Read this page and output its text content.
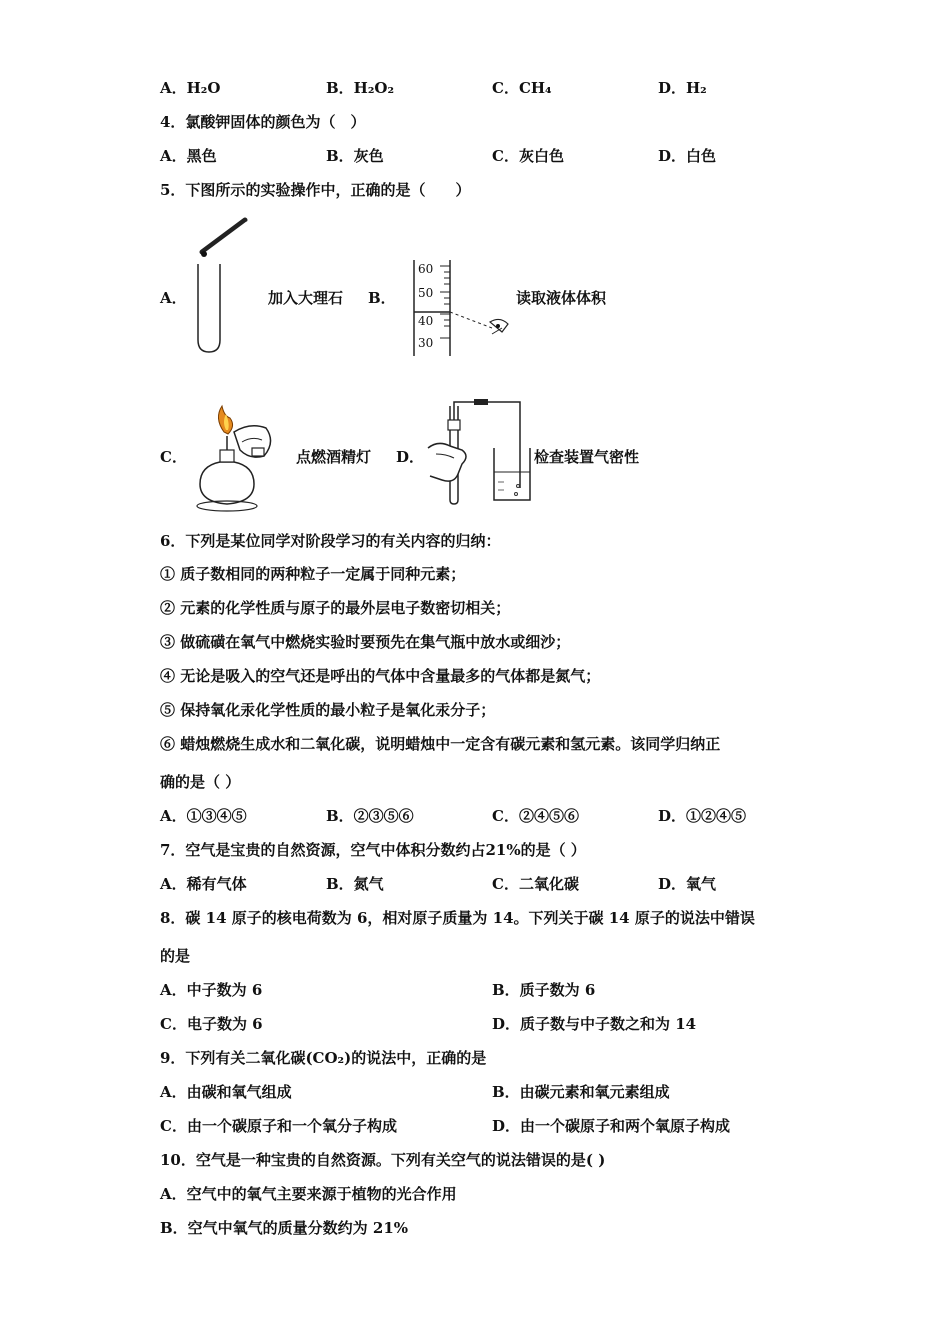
A．H₂O	B．H₂O₂	C．CH₄	D．H₂
4．氯酸钾固体的颜色为（　）
A．黑色	B．灰色	C．灰白色	D．白色
5．下图所示的实验操作中，正确的是（　　）
A．	加入大理石 B．
60
50
40
30
读取液体体积
C．	点燃酒精灯 D．	检查装置气密性
6．下列是某位同学对阶段学习的有关内容的归纳：
① 质子数相同的两种粒子一定属于同种元素；
② 元素的化学性质与原子的最外层电子数密切相关；
③ 做硫磺在氧气中燃烧实验时要预先在集气瓶中放水或细沙；
④ 无论是吸入的空气还是呼出的气体中含量最多的气体都是氮气；
⑤ 保持氧化汞化学性质的最小粒子是氧化汞分子；
⑥ 蜡烛燃烧生成水和二氧化碳，说明蜡烛中一定含有碳元素和氢元素。该同学归纳正
确的是（ ）
A．①③④⑤	B．②③⑤⑥	C．②④⑤⑥	D．①②④⑤
7．空气是宝贵的自然资源，空气中体积分数约占21%的是（ ）
A．稀有气体	B．氮气	C．二氧化碳	D．氧气
8．碳 14 原子的核电荷数为 6，相对原子质量为 14。下列关于碳 14 原子的说法中错误
的是
A．中子数为 6	B．质子数为 6
C．电子数为 6	D．质子数与中子数之和为 14
9．下列有关二氧化碳(CO₂)的说法中，正确的是
A．由碳和氧气组成	B．由碳元素和氧元素组成
C．由一个碳原子和一个氧分子构成	D．由一个碳原子和两个氧原子构成
10．空气是一种宝贵的自然资源。下列有关空气的说法错误的是( )
A．空气中的氧气主要来源于植物的光合作用
B．空气中氧气的质量分数约为 21%
